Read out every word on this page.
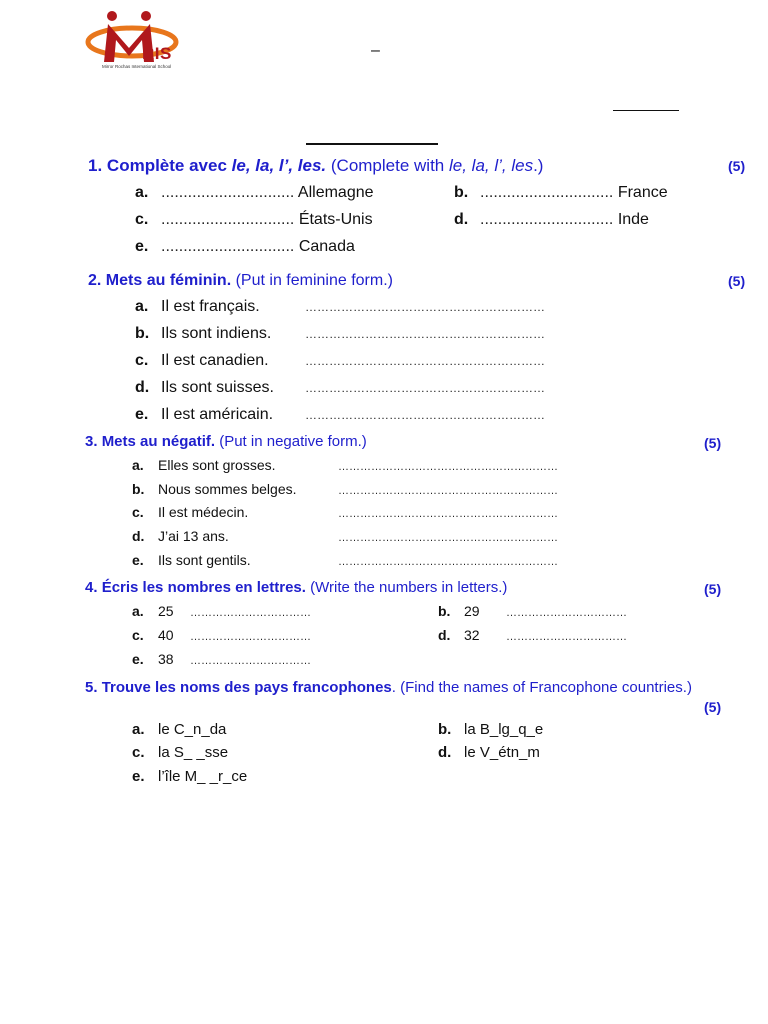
RIS
Mirror Rochas International School
–
1. Complète avec le, la, l’, les. (Complete with le, la, l’, les.)	(5)
a. .............................. Allemagne	b. .............................. France
c. .............................. États-Unis	d. .............................. Inde
e. .............................. Canada
2. Mets au féminin. (Put in feminine form.)	(5)
a. Il est français.	……………………………………………………
b. Ils sont indiens.	……………………………………………………
c. Il est canadien.	……………………………………………………
d. Ils sont suisses.	……………………………………………………
e. Il est américain.	……………………………………………………
3. Mets au négatif. (Put in negative form.)	(5)
a. Elles sont grosses.	……………………………………………………
b. Nous sommes belges.	……………………………………………………
c. Il est médecin.	……………………………………………………
d. J’ai 13 ans.	……………………………………………………
e. Ils sont gentils.	……………………………………………………
4. Écris les nombres en lettres. (Write the numbers in letters.)	(5)
a. 25 ……………………………	b. 29 ……………………………
c. 40 ……………………………	d. 32 ……………………………
e. 38 ……………………………
5. Trouve les noms des pays francophones. (Find the names of Francophone countries.)
(5)
a. le C_n_da	b. la B_lg_q_e
c. la S_ _sse	d. le V_étn_m
e. l’île M_ _r_ce
